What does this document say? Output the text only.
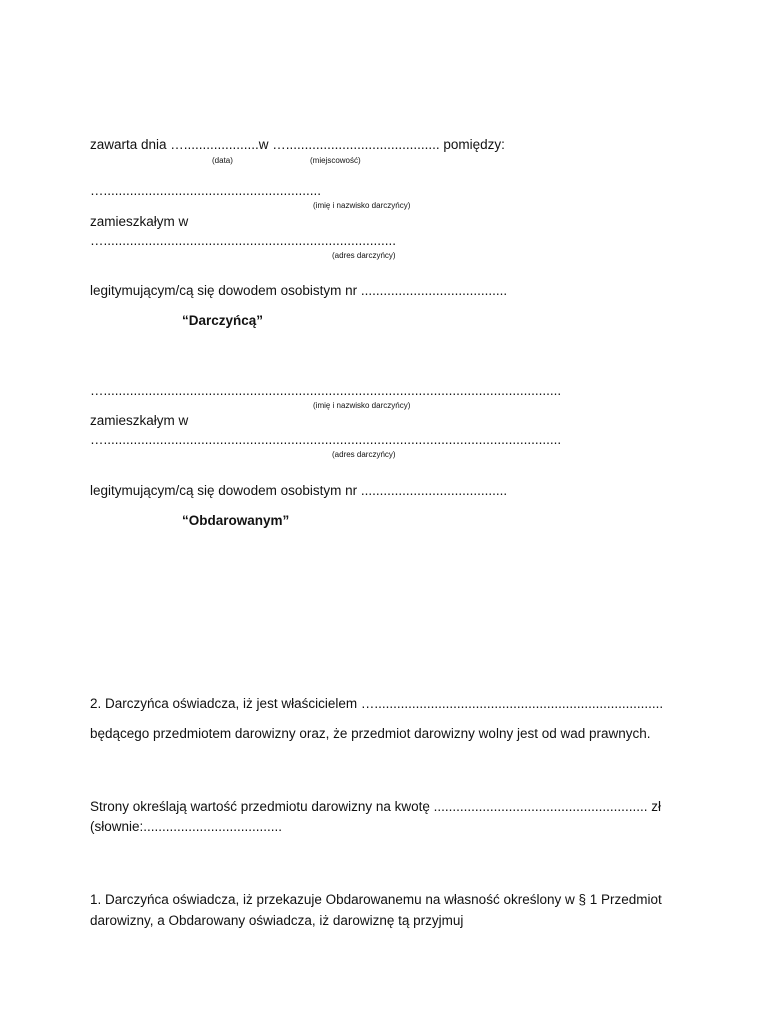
zawarta dnia …....................w …......................................... pomiędzy:
(data)	(miejscowość)
…..........................................................
(imię i nazwisko darczyńcy)
zamieszkałym w
…..............................................................................
(adres darczyńcy)
legitymującym/cą się dowodem osobistym nr .......................................
“Darczyńcą”
…..........................................................................................................................
(imię i nazwisko darczyńcy)
zamieszkałym w
…..........................................................................................................................
(adres darczyńcy)
legitymującym/cą się dowodem osobistym nr .......................................
“Obdarowanym”
2. Darczyńca oświadcza, iż jest właścicielem ….............................................................................
będącego przedmiotem darowizny oraz, że przedmiot darowizny wolny jest od wad prawnych.
Strony określają wartość przedmiotu darowizny na kwotę ......................................................... zł
(słownie:.....................................
1. Darczyńca oświadcza, iż przekazuje Obdarowanemu na własność określony w § 1 Przedmiot
darowizny, a Obdarowany oświadcza, iż darowiznę tą przyjmuj
